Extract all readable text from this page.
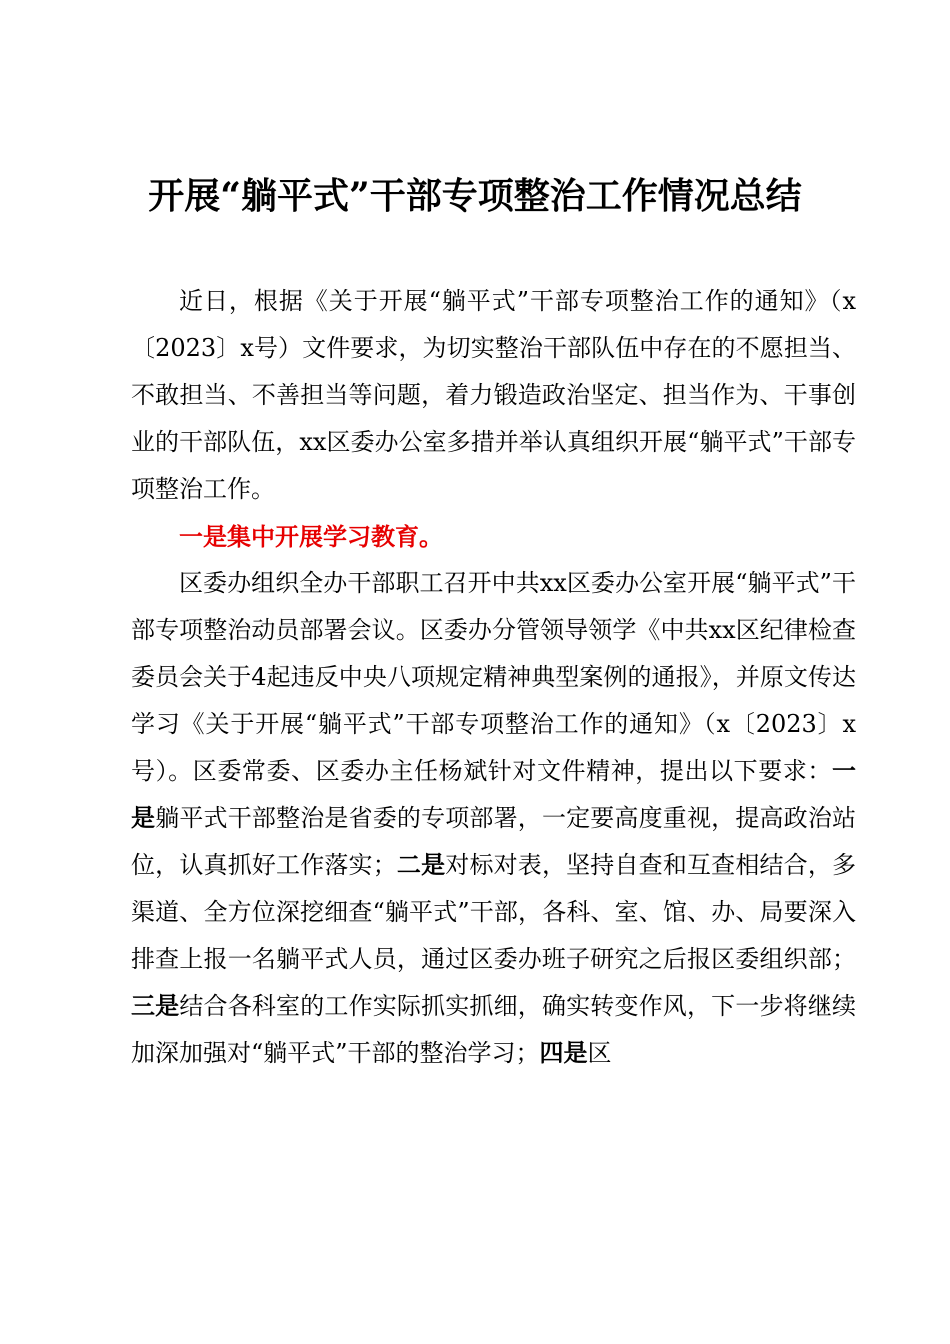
开展“躺平式”干部专项整治工作情况总结

近日，根据《关于开展“躺平式”干部专项整治工作的通知》（x〔2023〕x号）文件要求，为切实整治干部队伍中存在的不愿担当、不敢担当、不善担当等问题，着力锻造政治坚定、担当作为、干事创业的干部队伍，xx区委办公室多措并举认真组织开展“躺平式”干部专项整治工作。

一是集中开展学习教育。

区委办组织全办干部职工召开中共xx区委办公室开展“躺平式”干部专项整治动员部署会议。区委办分管领导领学《中共xx区纪律检查委员会关于4起违反中央八项规定精神典型案例的通报》，并原文传达学习《关于开展“躺平式”干部专项整治工作的通知》（x〔2023〕x号）。区委常委、区委办主任杨斌针对文件精神，提出以下要求：一是躺平式干部整治是省委的专项部署，一定要高度重视，提高政治站位，认真抓好工作落实；二是对标对表，坚持自查和互查相结合，多渠道、全方位深挖细查“躺平式”干部，各科、室、馆、办、局要深入排查上报一名躺平式人员，通过区委办班子研究之后报区委组织部；三是结合各科室的工作实际抓实抓细，确实转变作风，下一步将继续加深加强对“躺平式”干部的整治学习；四是区
